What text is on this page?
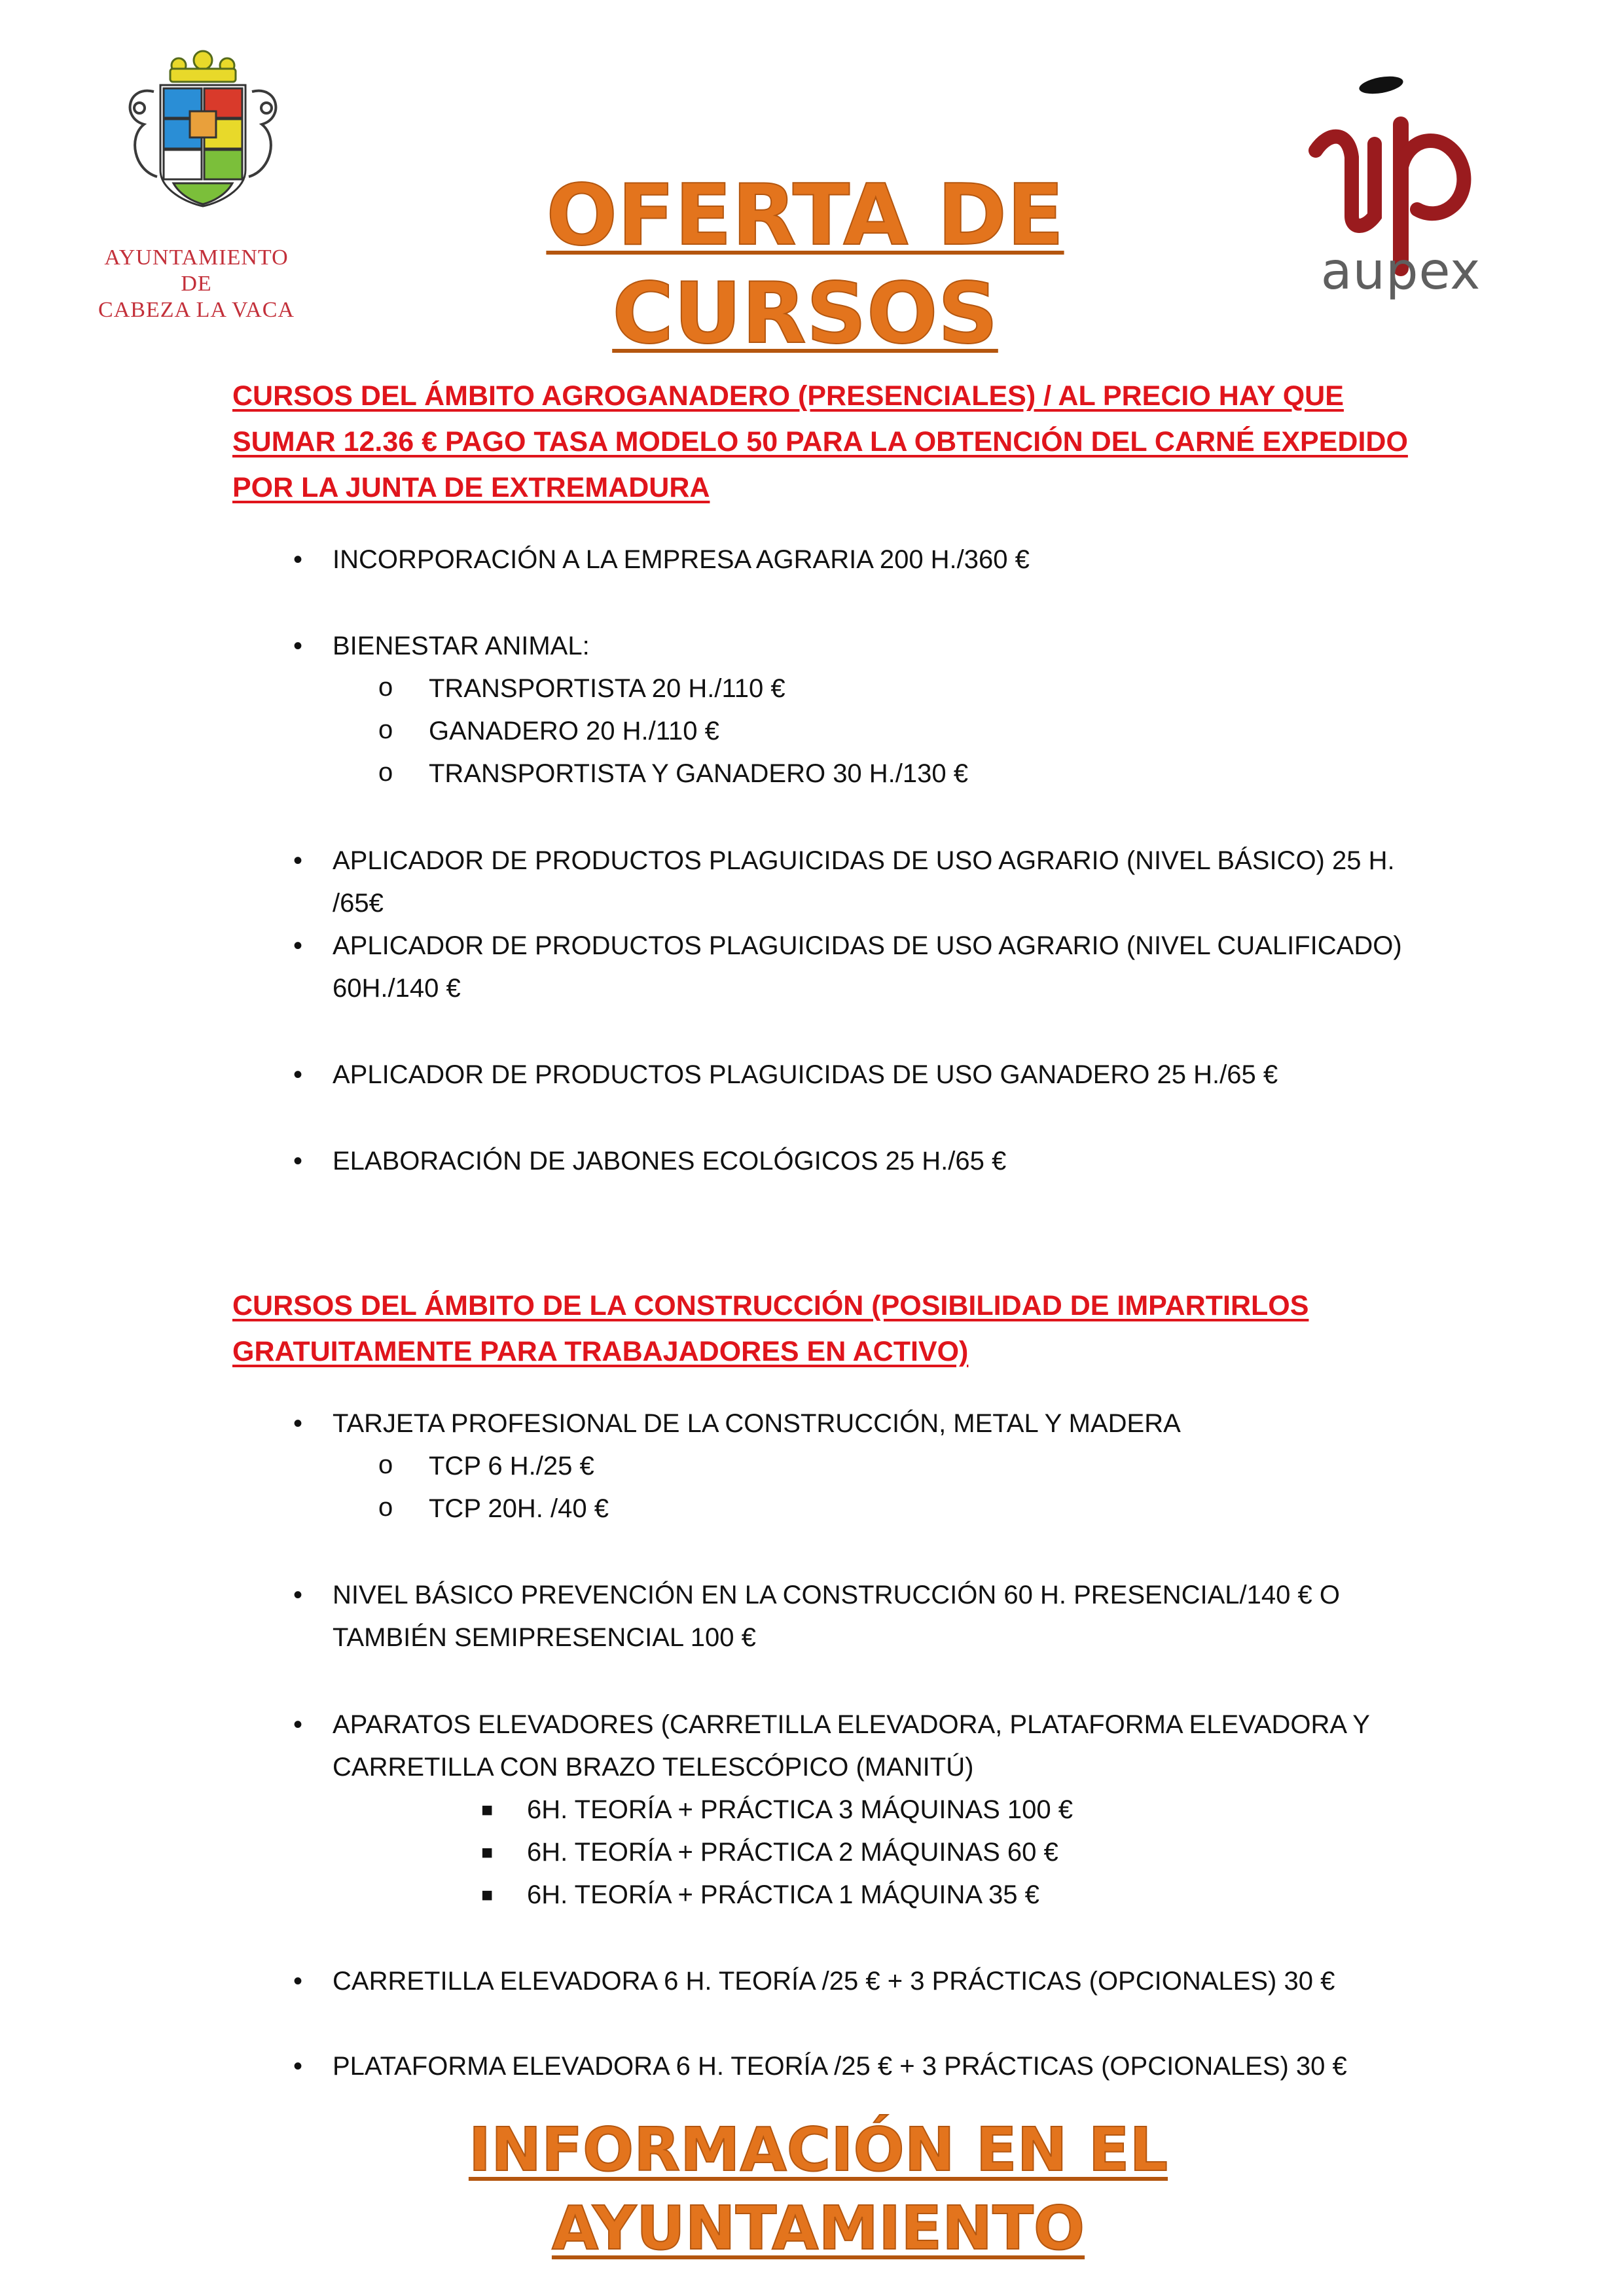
AYUNTAMIENTO
DE
CABEZA LA VACA
OFERTA DE CURSOS	aupex
CURSOS DEL ÁMBITO AGROGANADERO (PRESENCIALES) / AL PRECIO HAY QUE SUMAR 12.36 € PAGO TASA MODELO 50 PARA LA OBTENCIÓN DEL CARNÉ EXPEDIDO POR LA JUNTA DE EXTREMADURA
• INCORPORACIÓN A LA EMPRESA AGRARIA 200 H./360 €
• BIENESTAR ANIMAL:
o TRANSPORTISTA 20 H./110 €
o GANADERO 20 H./110 €
o TRANSPORTISTA Y GANADERO 30 H./130 €
• APLICADOR DE PRODUCTOS PLAGUICIDAS DE USO AGRARIO (NIVEL BÁSICO) 25 H. /65€
• APLICADOR DE PRODUCTOS PLAGUICIDAS DE USO AGRARIO (NIVEL CUALIFICADO) 60H./140 €
• APLICADOR DE PRODUCTOS PLAGUICIDAS DE USO GANADERO 25 H./65 €
• ELABORACIÓN DE JABONES ECOLÓGICOS 25 H./65 €
CURSOS DEL ÁMBITO DE LA CONSTRUCCIÓN (POSIBILIDAD DE IMPARTIRLOS GRATUITAMENTE PARA TRABAJADORES EN ACTIVO)
• TARJETA PROFESIONAL DE LA CONSTRUCCIÓN, METAL Y MADERA
o TCP 6 H./25 €
o TCP 20H. /40 €
• NIVEL BÁSICO PREVENCIÓN EN LA CONSTRUCCIÓN 60 H. PRESENCIAL/140 € O TAMBIÉN SEMIPRESENCIAL 100 €
• APARATOS ELEVADORES (CARRETILLA ELEVADORA, PLATAFORMA ELEVADORA Y CARRETILLA CON BRAZO TELESCÓPICO (MANITÚ)
■ 6H. TEORÍA + PRÁCTICA 3 MÁQUINAS 100 €
■ 6H. TEORÍA + PRÁCTICA 2 MÁQUINAS 60 €
■ 6H. TEORÍA + PRÁCTICA 1 MÁQUINA 35 €
• CARRETILLA ELEVADORA 6 H. TEORÍA /25 € + 3 PRÁCTICAS (OPCIONALES) 30 €
• PLATAFORMA ELEVADORA 6 H. TEORÍA /25 € + 3 PRÁCTICAS (OPCIONALES) 30 €
INFORMACIÓN EN EL AYUNTAMIENTO
